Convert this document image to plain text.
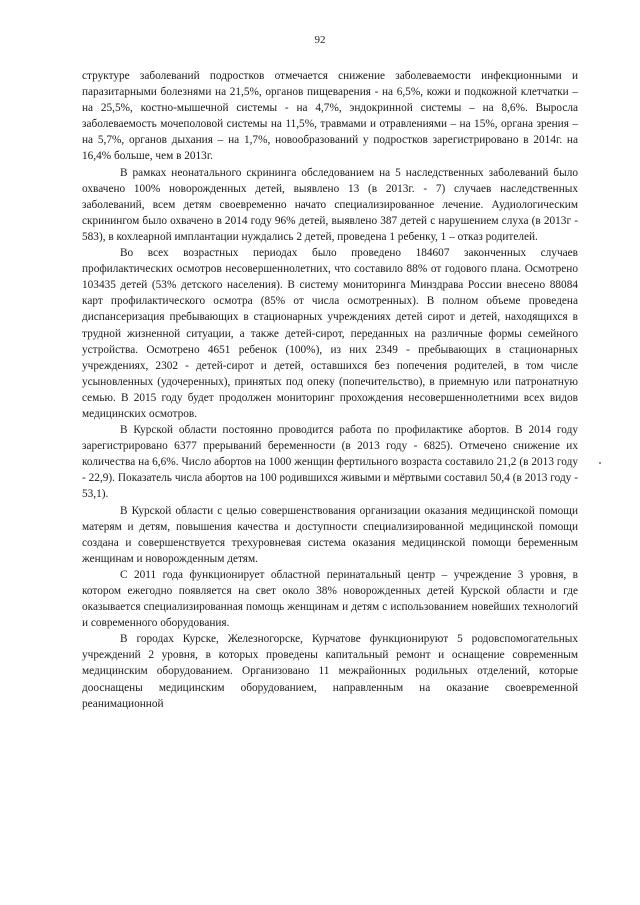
92

структуре заболеваний подростков отмечается снижение заболеваемости инфекционными и паразитарными болезнями на 21,5%, органов пищеварения - на 6,5%, кожи и подкожной клетчатки – на 25,5%, костно-мышечной системы - на 4,7%, эндокринной системы – на 8,6%. Выросла заболеваемость мочеполовой системы на 11,5%, травмами и отравлениями – на 15%, органа зрения – на 5,7%, органов дыхания – на 1,7%, новообразований у подростков зарегистрировано в 2014г. на 16,4% больше, чем в 2013г.

В рамках неонатального скрининга обследованием на 5 наследственных заболеваний было охвачено 100% новорожденных детей, выявлено 13 (в 2013г. - 7) случаев наследственных заболеваний, всем детям своевременно начато специализированное лечение. Аудиологическим скринингом было охвачено в 2014 году 96% детей, выявлено 387 детей с нарушением слуха (в 2013г - 583), в кохлеарной имплантации нуждались 2 детей, проведена 1 ребенку, 1 – отказ родителей.

Во всех возрастных периодах было проведено 184607 законченных случаев профилактических осмотров несовершеннолетних, что составило 88% от годового плана. Осмотрено 103435 детей (53% детского населения). В систему мониторинга Минздрава России внесено 88084 карт профилактического осмотра (85% от числа осмотренных). В полном объеме проведена диспансеризация пребывающих в стационарных учреждениях детей сирот и детей, находящихся в трудной жизненной ситуации, а также детей-сирот, переданных на различные формы семейного устройства. Осмотрено 4651 ребенок (100%), из них 2349 - пребывающих в стационарных учреждениях, 2302 - детей-сирот и детей, оставшихся без попечения родителей, в том числе усыновленных (удочеренных), принятых под опеку (попечительство), в приемную или патронатную семью. В 2015 году будет продолжен мониторинг прохождения несовершеннолетними всех видов медицинских осмотров.

В Курской области постоянно проводится работа по профилактике абортов. В 2014 году зарегистрировано 6377 прерываний беременности (в 2013 году - 6825). Отмечено снижение их количества на 6,6%. Число абортов на 1000 женщин фертильного возраста составило 21,2 (в 2013 году - 22,9). Показатель числа абортов на 100 родившихся живыми и мёртвыми составил 50,4 (в 2013 году - 53,1).

В Курской области с целью совершенствования организации оказания медицинской помощи матерям и детям, повышения качества и доступности специализированной медицинской помощи создана и совершенствуется трехуровневая система оказания медицинской помощи беременным женщинам и новорожденным детям.

С 2011 года функционирует областной перинатальный центр – учреждение 3 уровня, в котором ежегодно появляется на свет около 38% новорожденных детей Курской области и где оказывается специализированная помощь женщинам и детям с использованием новейших технологий и современного оборудования.

В городах Курске, Железногорске, Курчатове функционируют 5 родовспомогательных учреждений 2 уровня, в которых проведены капитальный ремонт и оснащение современным медицинским оборудованием. Организовано 11 межрайонных родильных отделений, которые дооснащены медицинским оборудованием, направленным на оказание своевременной реанимационной
